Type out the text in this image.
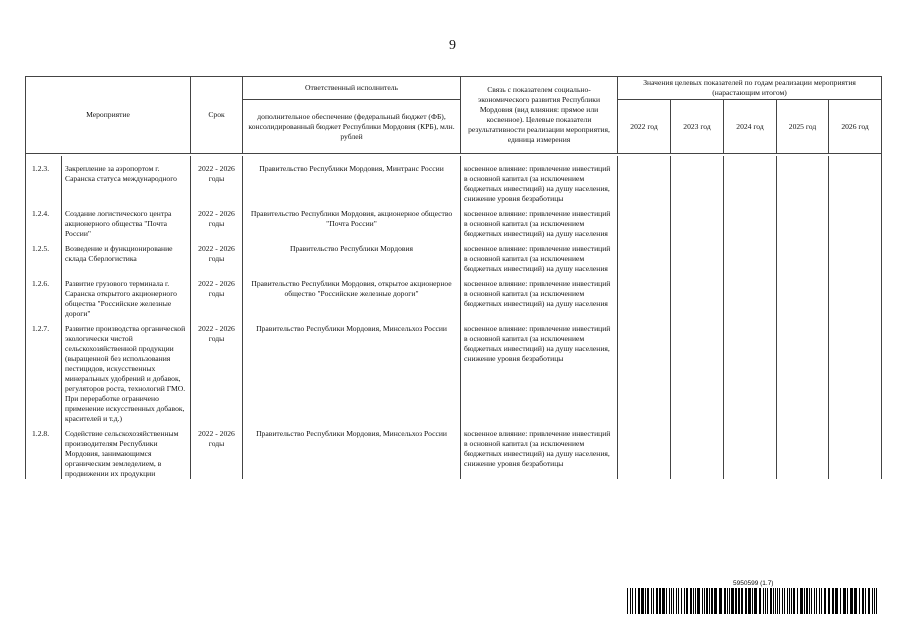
9
Мероприятие		Срок	Ответственный исполнитель	Связь с показателем социально-экономического развития Республики Мордовия (вид влияния: прямое или косвенное). Целевые показатели результативности реализации мероприятия, единица измерения	Значения целевых показателей по годам реализации мероприятия (нарастающим итогом)				
			дополнительное обеспечение (федеральный бюджет (ФБ), консолидированный бюджет Республики Мордовия (КРБ), млн. рублей		2022 год	2023 год	2024 год	2025 год	2026 год

1.2.3.	Закрепление за аэропортом г. Саранска статуса международного	2022 - 2026 годы	Правительство Республики Мордовия, Минтранс России	косвенное влияние: привлечение инвестиций в основной капитал (за исключением бюджетных инвестиций) на душу населения, снижение уровня безработицы					
1.2.4.	Создание логистического центра акционерного общества "Почта России"	2022 - 2026 годы	Правительство Республики Мордовия, акционерное общество "Почта России"	косвенное влияние: привлечение инвестиций в основной капитал (за исключением бюджетных инвестиций) на душу населения					
1.2.5.	Возведение и функционирование склада Сберлогистика	2022 - 2026 годы	Правительство Республики Мордовия	косвенное влияние: привлечение инвестиций в основной капитал (за исключением бюджетных инвестиций) на душу населения					
1.2.6.	Развитие грузового терминала г. Саранска открытого акционерного общества "Российские железные дороги"	2022 - 2026 годы	Правительство Республики Мордовия, открытое акционерное общество "Российские железные дороги"	косвенное влияние: привлечение инвестиций в основной капитал (за исключением бюджетных инвестиций) на душу населения					
1.2.7.	Развитие производства органической экологически чистой сельскохозяйственной продукции (выращенной без использования пестицидов, искусственных минеральных удобрений и добавок, регуляторов роста, технологий ГМО. При переработке ограничено применение искусственных добавок, красителей и т.д.)	2022 - 2026 годы	Правительство Республики Мордовия, Минсельхоз России	косвенное влияние: привлечение инвестиций в основной капитал (за исключением бюджетных инвестиций) на душу населения, снижение уровня безработицы					
1.2.8.	Содействие сельскохозяйственным производителям Республики Мордовия, занимающимся органическим земледелием, в продвижении их продукции	2022 - 2026 годы	Правительство Республики Мордовия, Минсельхоз России	косвенное влияние: привлечение инвестиций в основной капитал (за исключением бюджетных инвестиций) на душу населения, снижение уровня безработицы					
5950599 (1.7)
